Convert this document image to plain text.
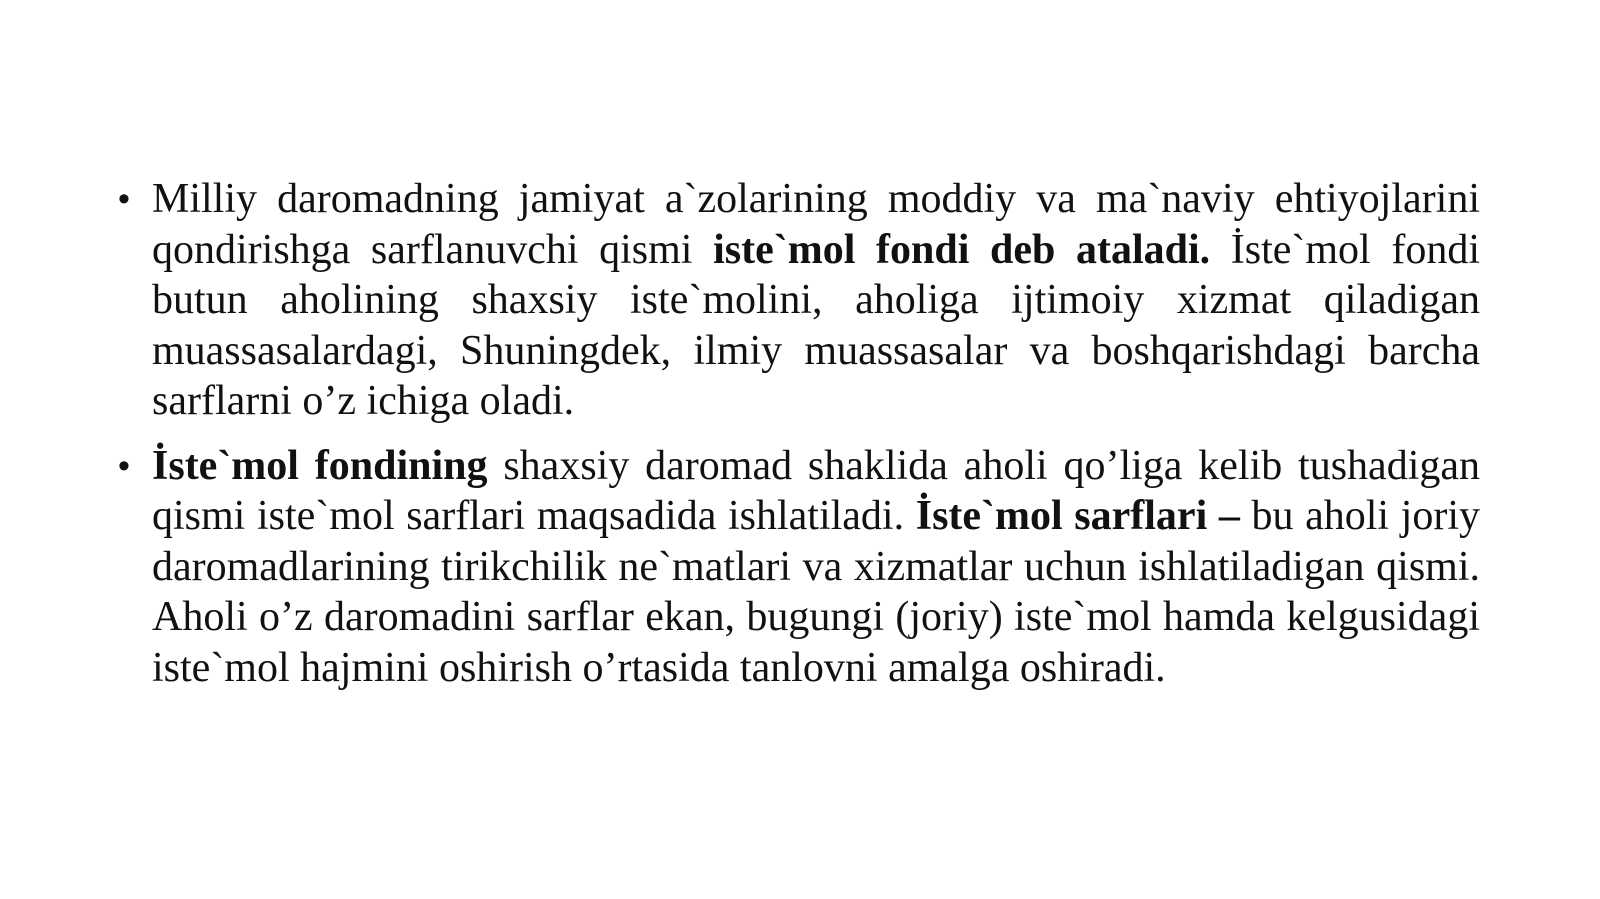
• Milliy daromadning jamiyat a`zolarining moddiy va ma`naviy ehtiyojlarini qondirishga sarflanuvchi qismi iste`mol fondi deb ataladi. İste`mol fondi butun aholining shaxsiy iste`molini, aholiga ijtimoiy xizmat qiladigan muassasalardagi, Shuningdek, ilmiy muassasalar va boshqarishdagi barcha sarflarni o’z ichiga oladi.
• İste`mol fondining shaxsiy daromad shaklida aholi qo’liga kelib tushadigan qismi iste`mol sarflari maqsadida ishlatiladi. İste`mol sarflari – bu aholi joriy daromadlarining tirikchilik ne`matlari va xizmatlar uchun ishlatiladigan qismi. Aholi o’z daromadini sarflar ekan, bugungi (joriy) iste`mol hamda kelgusidagi iste`mol hajmini oshirish o’rtasida tanlovni amalga oshiradi.
